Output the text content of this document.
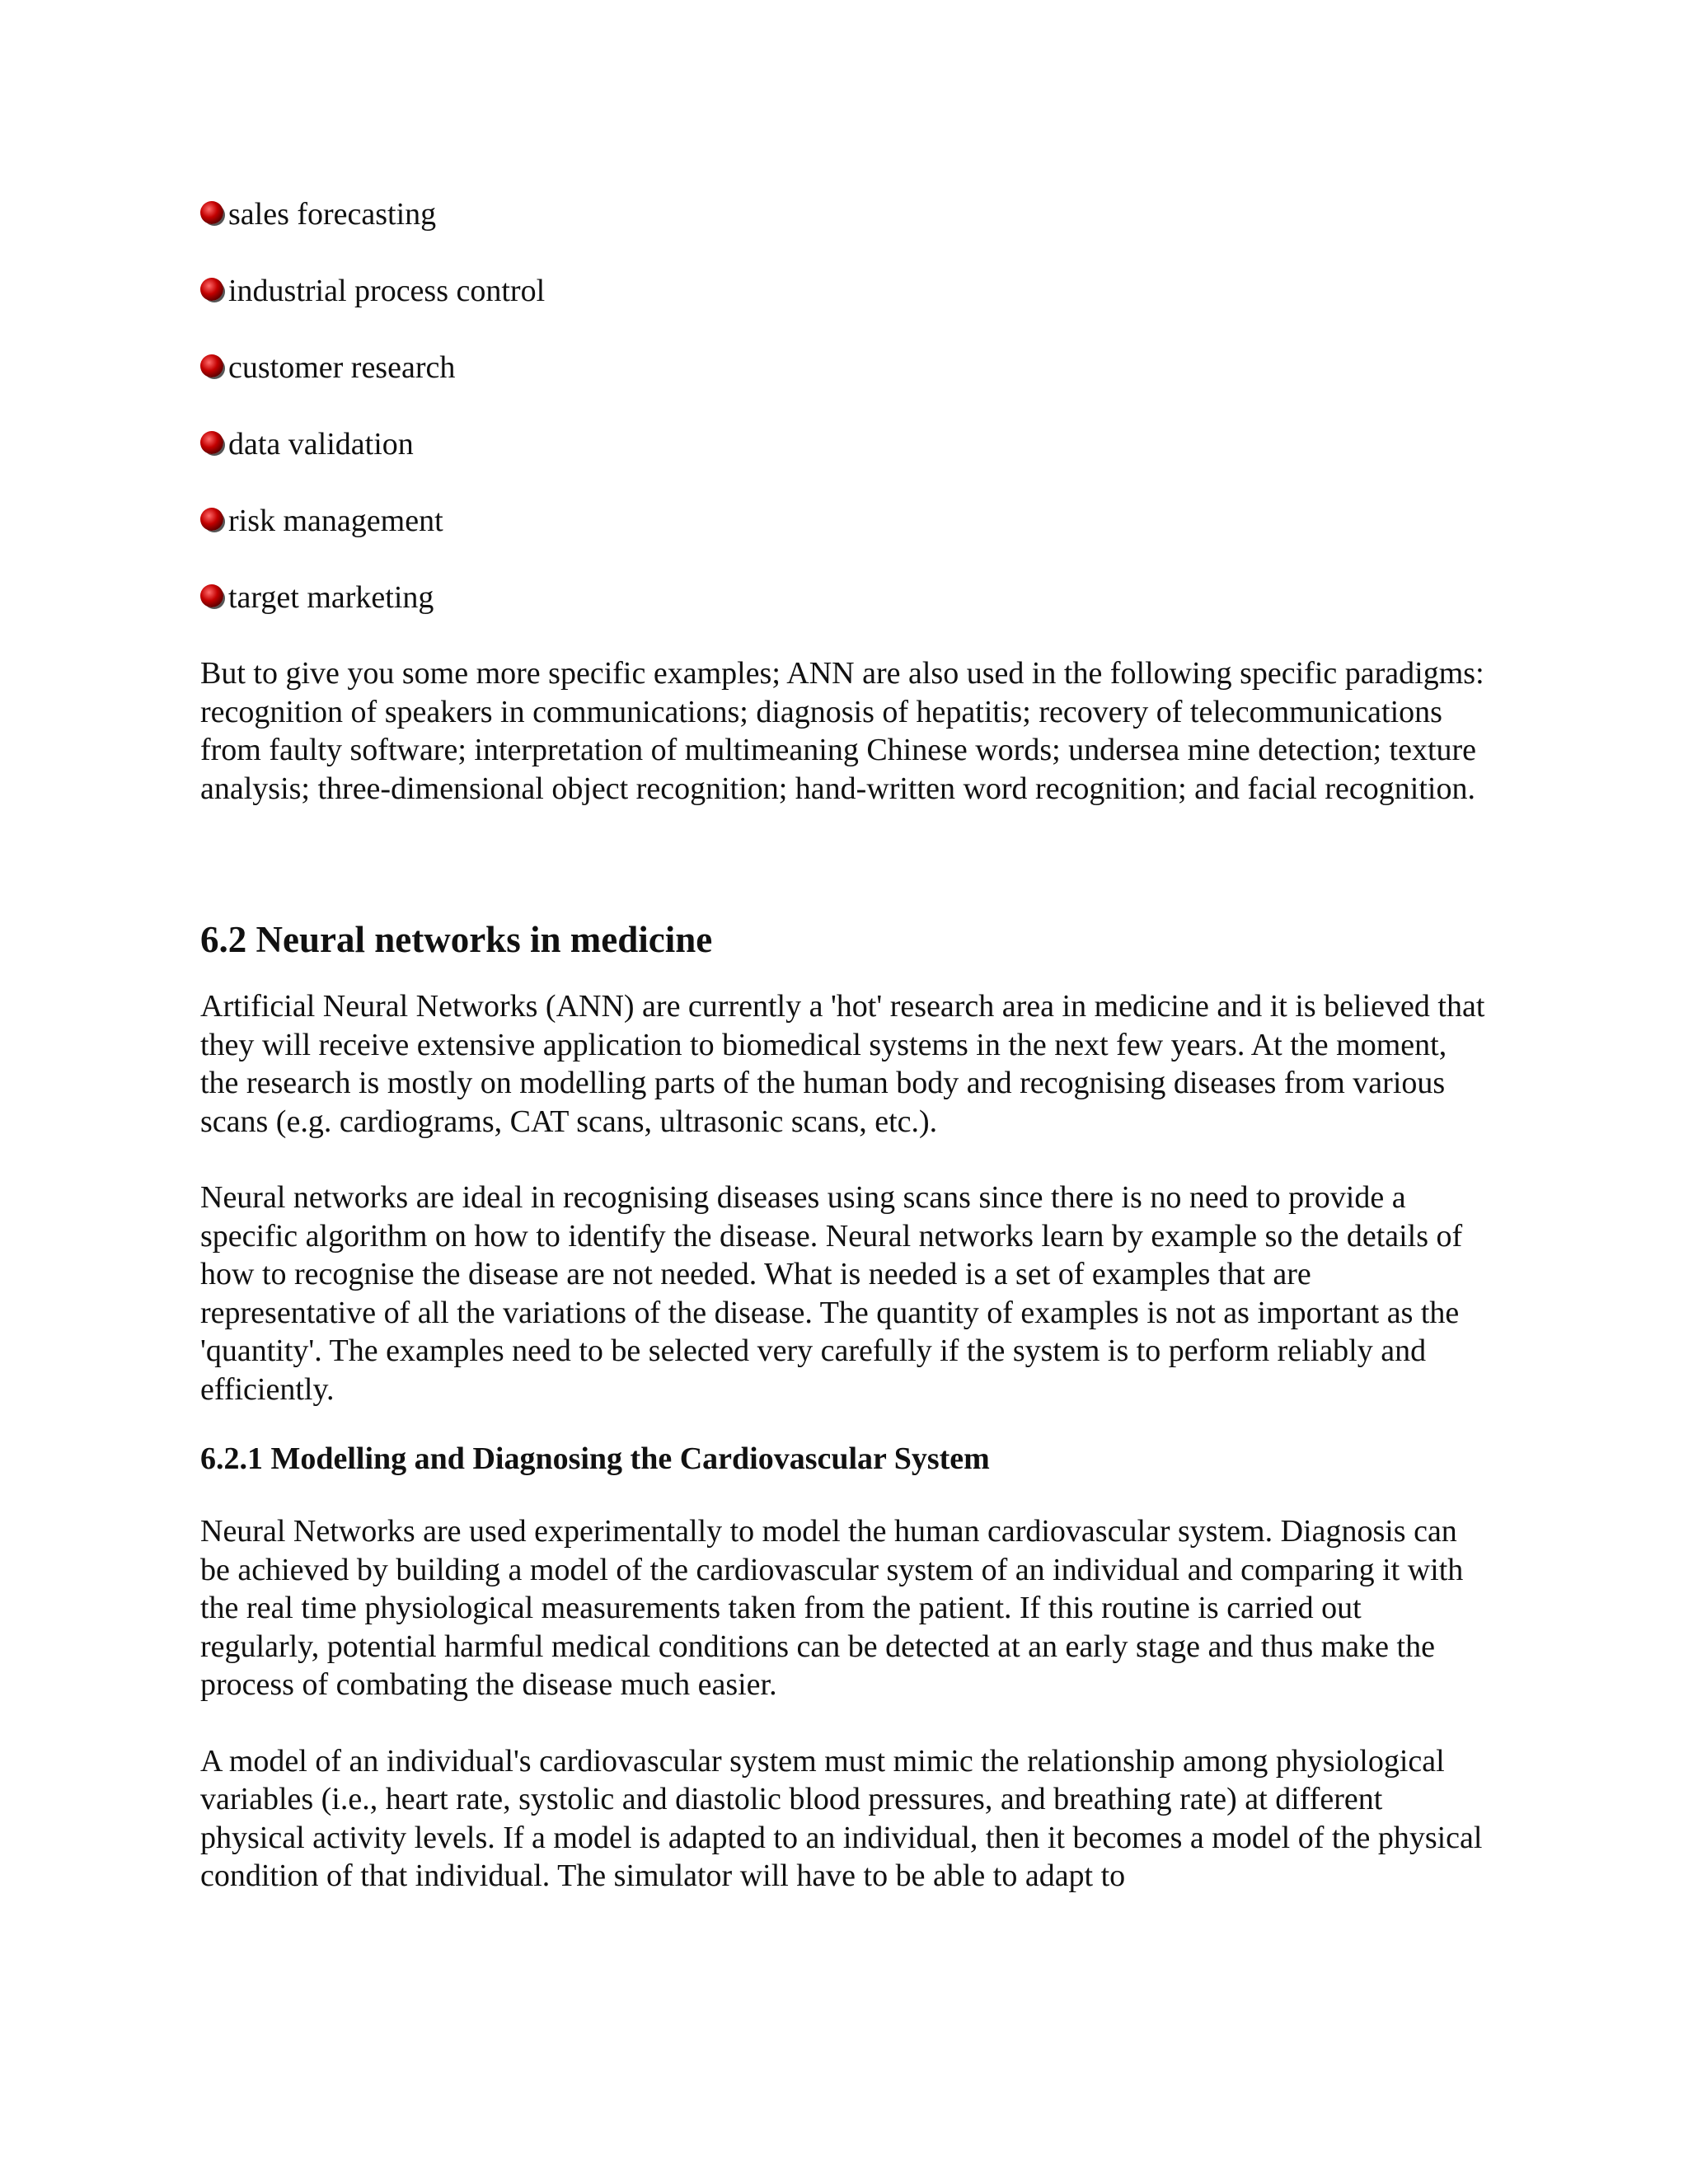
sales forecasting
industrial process control
customer research
data validation
risk management
target marketing

But to give you some more specific examples; ANN are also used in the following specific paradigms: recognition of speakers in communications; diagnosis of hepatitis; recovery of telecommunications from faulty software; interpretation of multimeaning Chinese words; undersea mine detection; texture analysis; three-dimensional object recognition; hand-written word recognition; and facial recognition.

6.2 Neural networks in medicine

Artificial Neural Networks (ANN) are currently a 'hot' research area in medicine and it is believed that they will receive extensive application to biomedical systems in the next few years. At the moment, the research is mostly on modelling parts of the human body and recognising diseases from various scans (e.g. cardiograms, CAT scans, ultrasonic scans, etc.).

Neural networks are ideal in recognising diseases using scans since there is no need to provide a specific algorithm on how to identify the disease. Neural networks learn by example so the details of how to recognise the disease are not needed. What is needed is a set of examples that are representative of all the variations of the disease. The quantity of examples is not as important as the 'quantity'. The examples need to be selected very carefully if the system is to perform reliably and efficiently.

6.2.1 Modelling and Diagnosing the Cardiovascular System

Neural Networks are used experimentally to model the human cardiovascular system. Diagnosis can be achieved by building a model of the cardiovascular system of an individual and comparing it with the real time physiological measurements taken from the patient. If this routine is carried out regularly, potential harmful medical conditions can be detected at an early stage and thus make the process of combating the disease much easier.

A model of an individual's cardiovascular system must mimic the relationship among physiological variables (i.e., heart rate, systolic and diastolic blood pressures, and breathing rate) at different physical activity levels. If a model is adapted to an individual, then it becomes a model of the physical condition of that individual. The simulator will have to be able to adapt to
